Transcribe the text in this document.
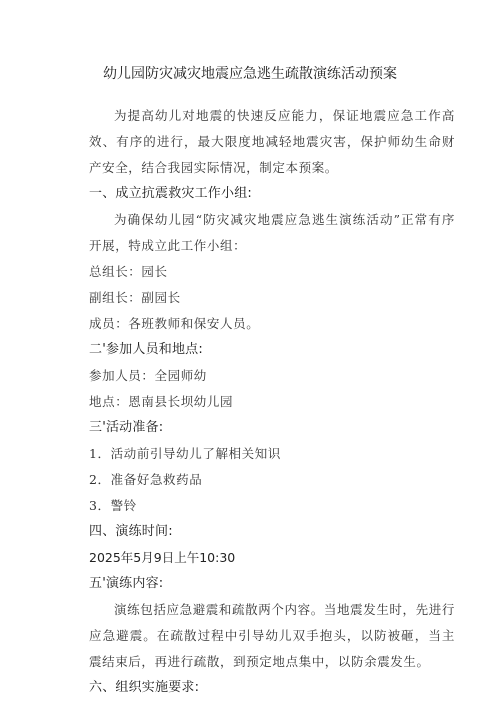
幼儿园防灾减灾地震应急逃生疏散演练活动预案

为提高幼儿对地震的快速反应能力，保证地震应急工作高效、有序的进行，最大限度地减轻地震灾害，保护师幼生命财产安全，结合我园实际情况，制定本预案。

一、成立抗震救灾工作小组:

为确保幼儿园“防灾减灾地震应急逃生演练活动”正常有序开展，特成立此工作小组：

总组长：园长

副组长：副园长

成员：各班教师和保安人员。

二'参加人员和地点:

参加人员：全园师幼

地点：恩南县长坝幼儿园

三'活动准备:

1．活动前引导幼儿了解相关知识

2．准备好急救药品

3．警铃

四、演练时间:

2025年5月9日上午10:30

五'演练内容:

演练包括应急避震和疏散两个内容。当地震发生时，先进行应急避震。在疏散过程中引导幼儿双手抱头，以防被砸，当主震结束后，再进行疏散，到预定地点集中，以防余震发生。

六、组织实施要求:
